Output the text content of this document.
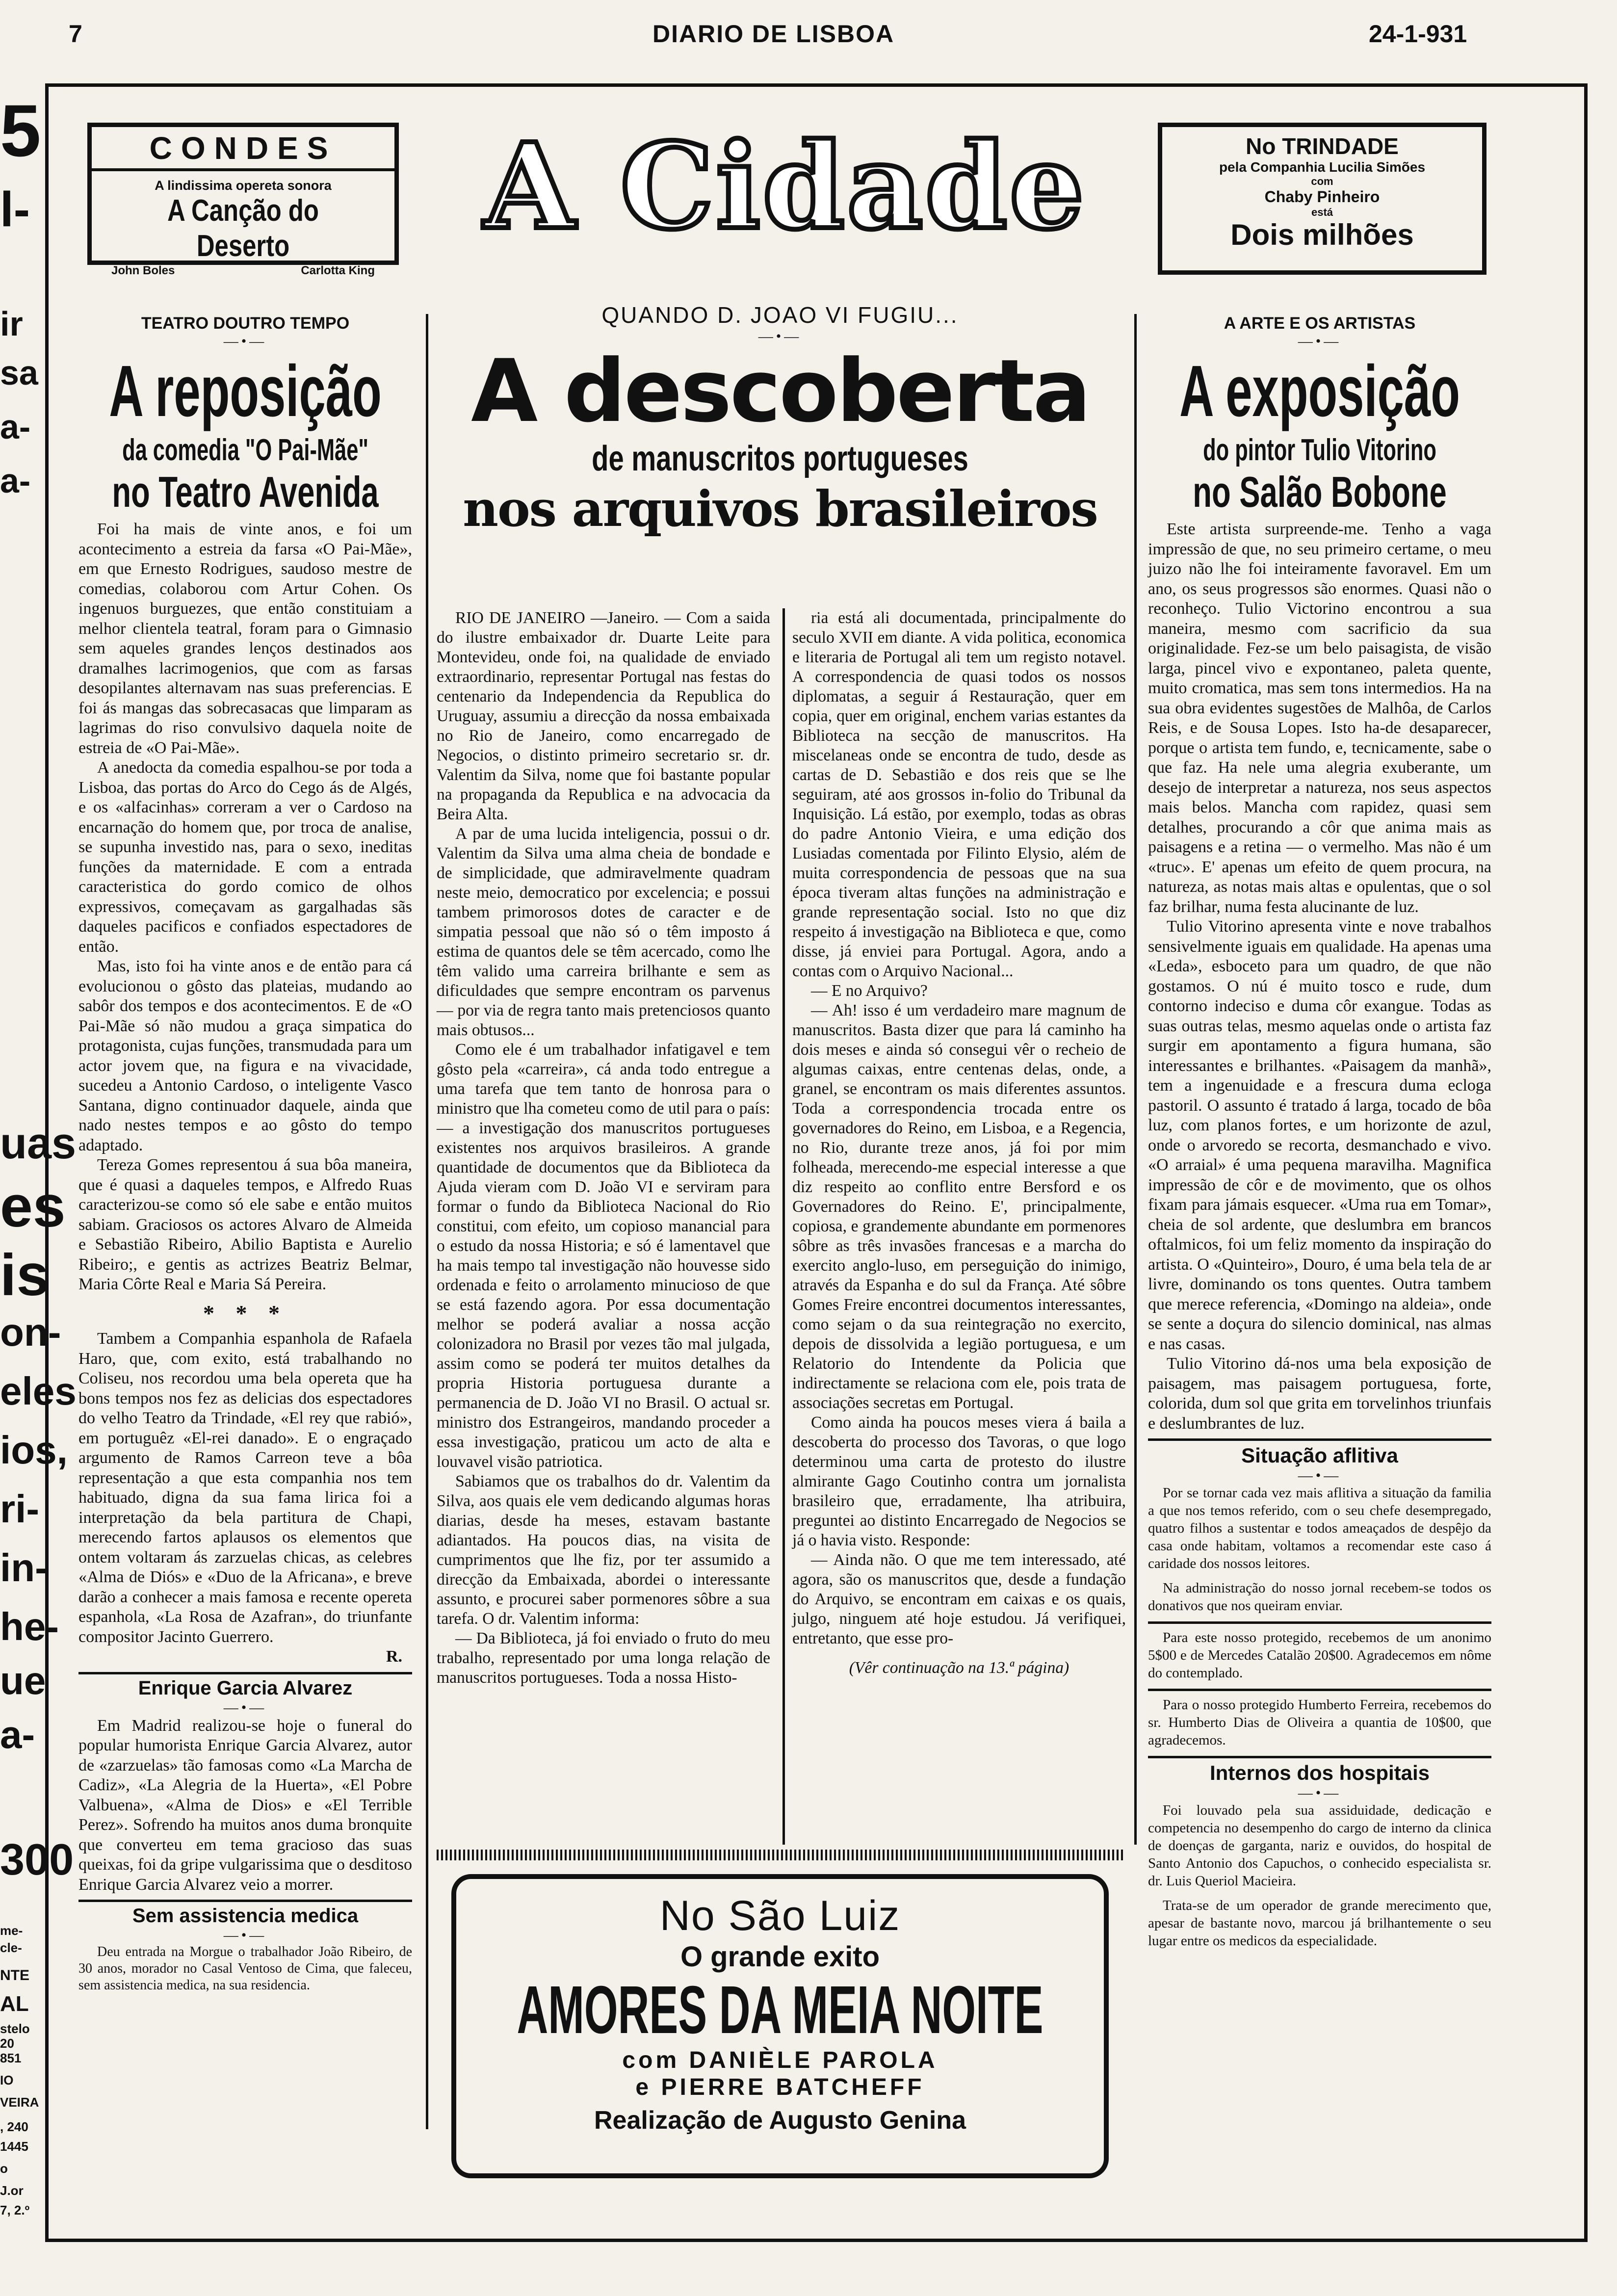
7	DIARIO DE LISBOA	24-1-931
5
l-
ir
sa
a-
a-
uas
es
is
on-
eles
ios,
ri-
in-
he-
ue
a-
300
me-
cle-
NTE
AL
stelo
20
851
IO
VEIRA
, 240
1445
o
J.or
7, 2.º
CONDES
A lindissima opereta sonora
A Canção do Deserto
John Boles	Carlotta King
A Cidade	No TRINDADE
pela Companhia Lucilia Simões
com
Chaby Pinheiro
está
Dois milhões
TEATRO DOUTRO TEMPO
—•—
A reposição
da comedia "O Pai-Mãe"
no Teatro Avenida

Foi ha mais de vinte anos, e foi um acontecimento a estreia da farsa «O Pai-Mãe», em que Ernesto Rodrigues, saudoso mestre de comedias, colaborou com Artur Cohen. Os ingenuos burguezes, que então constituiam a melhor clientela teatral, foram para o Gimnasio sem aqueles grandes lenços destinados aos dramalhes lacrimogenios, que com as farsas desopilantes alternavam nas suas preferencias. E foi ás mangas das sobrecasacas que limparam as lagrimas do riso convulsivo daquela noite de estreia de «O Pai-Mãe».

A anedocta da comedia espalhou-se por toda a Lisboa, das portas do Arco do Cego ás de Algés, e os «alfacinhas» correram a ver o Cardoso na encarnação do homem que, por troca de analise, se supunha investido nas, para o sexo, ineditas funções da maternidade. E com a entrada caracteristica do gordo comico de olhos expressivos, começavam as gargalhadas sãs daqueles pacificos e confiados espectadores de então.

Mas, isto foi ha vinte anos e de então para cá evolucionou o gôsto das plateias, mudando ao sabôr dos tempos e dos acontecimentos. E de «O Pai-Mãe só não mudou a graça simpatica do protagonista, cujas funções, transmudada para um actor jovem que, na figura e na vivacidade, sucedeu a Antonio Cardoso, o inteligente Vasco Santana, digno continuador daquele, ainda que nado nestes tempos e ao gôsto do tempo adaptado.

Tereza Gomes representou á sua bôa maneira, que é quasi a daqueles tempos, e Alfredo Ruas caracterizou-se como só ele sabe e então muitos sabiam. Graciosos os actores Alvaro de Almeida e Sebastião Ribeiro, Abilio Baptista e Aurelio Ribeiro;, e gentis as actrizes Beatriz Belmar, Maria Côrte Real e Maria Sá Pereira.

* * *

Tambem a Companhia espanhola de Rafaela Haro, que, com exito, está trabalhando no Coliseu, nos recordou uma bela opereta que ha bons tempos nos fez as delicias dos espectadores do velho Teatro da Trindade, «El rey que rabió», em portuguêz «El-rei danado». E o engraçado argumento de Ramos Carreon teve a bôa representação a que esta companhia nos tem habituado, digna da sua fama lirica foi a interpretação da bela partitura de Chapi, merecendo fartos aplausos os elementos que ontem voltaram ás zarzuelas chicas, as celebres «Alma de Diós» e «Duo de la Africana», e breve darão a conhecer a mais famosa e recente opereta espanhola, «La Rosa de Azafran», do triunfante compositor Jacinto Guerrero.

R.
Enrique Garcia Alvarez
—•—

Em Madrid realizou-se hoje o funeral do popular humorista Enrique Garcia Alvarez, autor de «zarzuelas» tão famosas como «La Marcha de Cadiz», «La Alegria de la Huerta», «El Pobre Valbuena», «Alma de Dios» e «El Terrible Perez». Sofrendo ha muitos anos duma bronquite que converteu em tema gracioso das suas queixas, foi da gripe vulgarissima que o desditoso Enrique Garcia Alvarez veio a morrer.

Sem assistencia medica
—•—

Deu entrada na Morgue o trabalhador João Ribeiro, de 30 anos, morador no Casal Ventoso de Cima, que faleceu, sem assistencia medica, na sua residencia.

QUANDO D. JOAO VI FUGIU...
—•—
A descoberta
de manuscritos portugueses
nos arquivos brasileiros

RIO DE JANEIRO —Janeiro. — Com a saida do ilustre embaixador dr. Duarte Leite para Montevideu, onde foi, na qualidade de enviado extraordinario, representar Portugal nas festas do centenario da Independencia da Republica do Uruguay, assumiu a direcção da nossa embaixada no Rio de Janeiro, como encarregado de Negocios, o distinto primeiro secretario sr. dr. Valentim da Silva, nome que foi bastante popular na propaganda da Republica e na advocacia da Beira Alta.

A par de uma lucida inteligencia, possui o dr. Valentim da Silva uma alma cheia de bondade e de simplicidade, que admiravelmente quadram neste meio, democratico por excelencia; e possui tambem primorosos dotes de caracter e de simpatia pessoal que não só o têm imposto á estima de quantos dele se têm acercado, como lhe têm valido uma carreira brilhante e sem as dificuldades que sempre encontram os parvenus — por via de regra tanto mais pretenciosos quanto mais obtusos...

Como ele é um trabalhador infatigavel e tem gôsto pela «carreira», cá anda todo entregue a uma tarefa que tem tanto de honrosa para o ministro que lha cometeu como de util para o país: — a investigação dos manuscritos portugueses existentes nos arquivos brasileiros. A grande quantidade de documentos que da Biblioteca da Ajuda vieram com D. João VI e serviram para formar o fundo da Biblioteca Nacional do Rio constitui, com efeito, um copioso manancial para o estudo da nossa Historia; e só é lamentavel que ha mais tempo tal investigação não houvesse sido ordenada e feito o arrolamento minucioso de que se está fazendo agora. Por essa documentação melhor se poderá avaliar a nossa acção colonizadora no Brasil por vezes tão mal julgada, assim como se poderá ter muitos detalhes da propria Historia portuguesa durante a permanencia de D. João VI no Brasil. O actual sr. ministro dos Estrangeiros, mandando proceder a essa investigação, praticou um acto de alta e louvavel visão patriotica.

Sabiamos que os trabalhos do dr. Valentim da Silva, aos quais ele vem dedicando algumas horas diarias, desde ha meses, estavam bastante adiantados. Ha poucos dias, na visita de cumprimentos que lhe fiz, por ter assumido a direcção da Embaixada, abordei o interessante assunto, e procurei saber pormenores sôbre a sua tarefa. O dr. Valentim informa:

— Da Biblioteca, já foi enviado o fruto do meu trabalho, representado por uma longa relação de manuscritos portugueses. Toda a nossa Histo-

ria está ali documentada, principalmente do seculo XVII em diante. A vida politica, economica e literaria de Portugal ali tem um registo notavel. A correspondencia de quasi todos os nossos diplomatas, a seguir á Restauração, quer em copia, quer em original, enchem varias estantes da Biblioteca na secção de manuscritos. Ha miscelaneas onde se encontra de tudo, desde as cartas de D. Sebastião e dos reis que se lhe seguiram, até aos grossos in-folio do Tribunal da Inquisição. Lá estão, por exemplo, todas as obras do padre Antonio Vieira, e uma edição dos Lusiadas comentada por Filinto Elysio, além de muita correspondencia de pessoas que na sua época tiveram altas funções na administração e grande representação social. Isto no que diz respeito á investigação na Biblioteca e que, como disse, já enviei para Portugal. Agora, ando a contas com o Arquivo Nacional...

— E no Arquivo?

— Ah! isso é um verdadeiro mare magnum de manuscritos. Basta dizer que para lá caminho ha dois meses e ainda só consegui vêr o recheio de algumas caixas, entre centenas delas, onde, a granel, se encontram os mais diferentes assuntos. Toda a correspondencia trocada entre os governadores do Reino, em Lisboa, e a Regencia, no Rio, durante treze anos, já foi por mim folheada, merecendo-me especial interesse a que diz respeito ao conflito entre Bersford e os Governadores do Reino. E', principalmente, copiosa, e grandemente abundante em pormenores sôbre as três invasões francesas e a marcha do exercito anglo-luso, em perseguição do inimigo, através da Espanha e do sul da França. Até sôbre Gomes Freire encontrei documentos interessantes, como sejam o da sua reintegração no exercito, depois de dissolvida a legião portuguesa, e um Relatorio do Intendente da Policia que indirectamente se relaciona com ele, pois trata de associações secretas em Portugal.

Como ainda ha poucos meses viera á baila a descoberta do processo dos Tavoras, o que logo determinou uma carta de protesto do ilustre almirante Gago Coutinho contra um jornalista brasileiro que, erradamente, lha atribuira, preguntei ao distinto Encarregado de Negocios se já o havia visto. Responde:

— Ainda não. O que me tem interessado, até agora, são os manuscritos que, desde a fundação do Arquivo, se encontram em caixas e os quais, julgo, ninguem até hoje estudou. Já verifiquei, entretanto, que esse pro-

(Vêr continuação na 13.ª página)
No São Luiz
O grande exito
AMORES DA MEIA NOITE
com DANIÈLE PAROLA
e PIERRE BATCHEFF
Realização de Augusto Genina
A ARTE E OS ARTISTAS
—•—
A exposição
do pintor Tulio Vitorino
no Salão Bobone

Este artista surpreende-me. Tenho a vaga impressão de que, no seu primeiro certame, o meu juizo não lhe foi inteiramente favoravel. Em um ano, os seus progressos são enormes. Quasi não o reconheço. Tulio Victorino encontrou a sua maneira, mesmo com sacrificio da sua originalidade. Fez-se um belo paisagista, de visão larga, pincel vivo e expontaneo, paleta quente, muito cromatica, mas sem tons intermedios. Ha na sua obra evidentes sugestões de Malhôa, de Carlos Reis, e de Sousa Lopes. Isto ha-de desaparecer, porque o artista tem fundo, e, tecnicamente, sabe o que faz. Ha nele uma alegria exuberante, um desejo de interpretar a natureza, nos seus aspectos mais belos. Mancha com rapidez, quasi sem detalhes, procurando a côr que anima mais as paisagens e a retina — o vermelho. Mas não é um «truc». E' apenas um efeito de quem procura, na natureza, as notas mais altas e opulentas, que o sol faz brilhar, numa festa alucinante de luz.

Tulio Vitorino apresenta vinte e nove trabalhos sensivelmente iguais em qualidade. Ha apenas uma «Leda», esboceto para um quadro, de que não gostamos. O nú é muito tosco e rude, dum contorno indeciso e duma côr exangue. Todas as suas outras telas, mesmo aquelas onde o artista faz surgir em apontamento a figura humana, são interessantes e brilhantes. «Paisagem da manhã», tem a ingenuidade e a frescura duma ecloga pastoril. O assunto é tratado á larga, tocado de bôa luz, com planos fortes, e um horizonte de azul, onde o arvoredo se recorta, desmanchado e vivo. «O arraial» é uma pequena maravilha. Magnifica impressão de côr e de movimento, que os olhos fixam para jámais esquecer. «Uma rua em Tomar», cheia de sol ardente, que deslumbra em brancos oftalmicos, foi um feliz momento da inspiração do artista. O «Quinteiro», Douro, é uma bela tela de ar livre, dominando os tons quentes. Outra tambem que merece referencia, «Domingo na aldeia», onde se sente a doçura do silencio dominical, nas almas e nas casas.

Tulio Vitorino dá-nos uma bela exposição de paisagem, mas paisagem portuguesa, forte, colorida, dum sol que grita em torvelinhos triunfais e deslumbrantes de luz.

Situação aflitiva
—•—

Por se tornar cada vez mais aflitiva a situação da familia a que nos temos referido, com o seu chefe desempregado, quatro filhos a sustentar e todos ameaçados de despêjo da casa onde habitam, voltamos a recomendar este caso á caridade dos nossos leitores.

Na administração do nosso jornal recebem-se todos os donativos que nos queiram enviar.

Para este nosso protegido, recebemos de um anonimo 5$00 e de Mercedes Catalão 20$00. Agradecemos em nôme do contemplado.

Para o nosso protegido Humberto Ferreira, recebemos do sr. Humberto Dias de Oliveira a quantia de 10$00, que agradecemos.

Internos dos hospitais
—•—

Foi louvado pela sua assiduidade, dedicação e competencia no desempenho do cargo de interno da clinica de doenças de garganta, nariz e ouvidos, do hospital de Santo Antonio dos Capuchos, o conhecido especialista sr. dr. Luis Queriol Macieira.

Trata-se de um operador de grande merecimento que, apesar de bastante novo, marcou já brilhantemente o seu lugar entre os medicos da especialidade.
